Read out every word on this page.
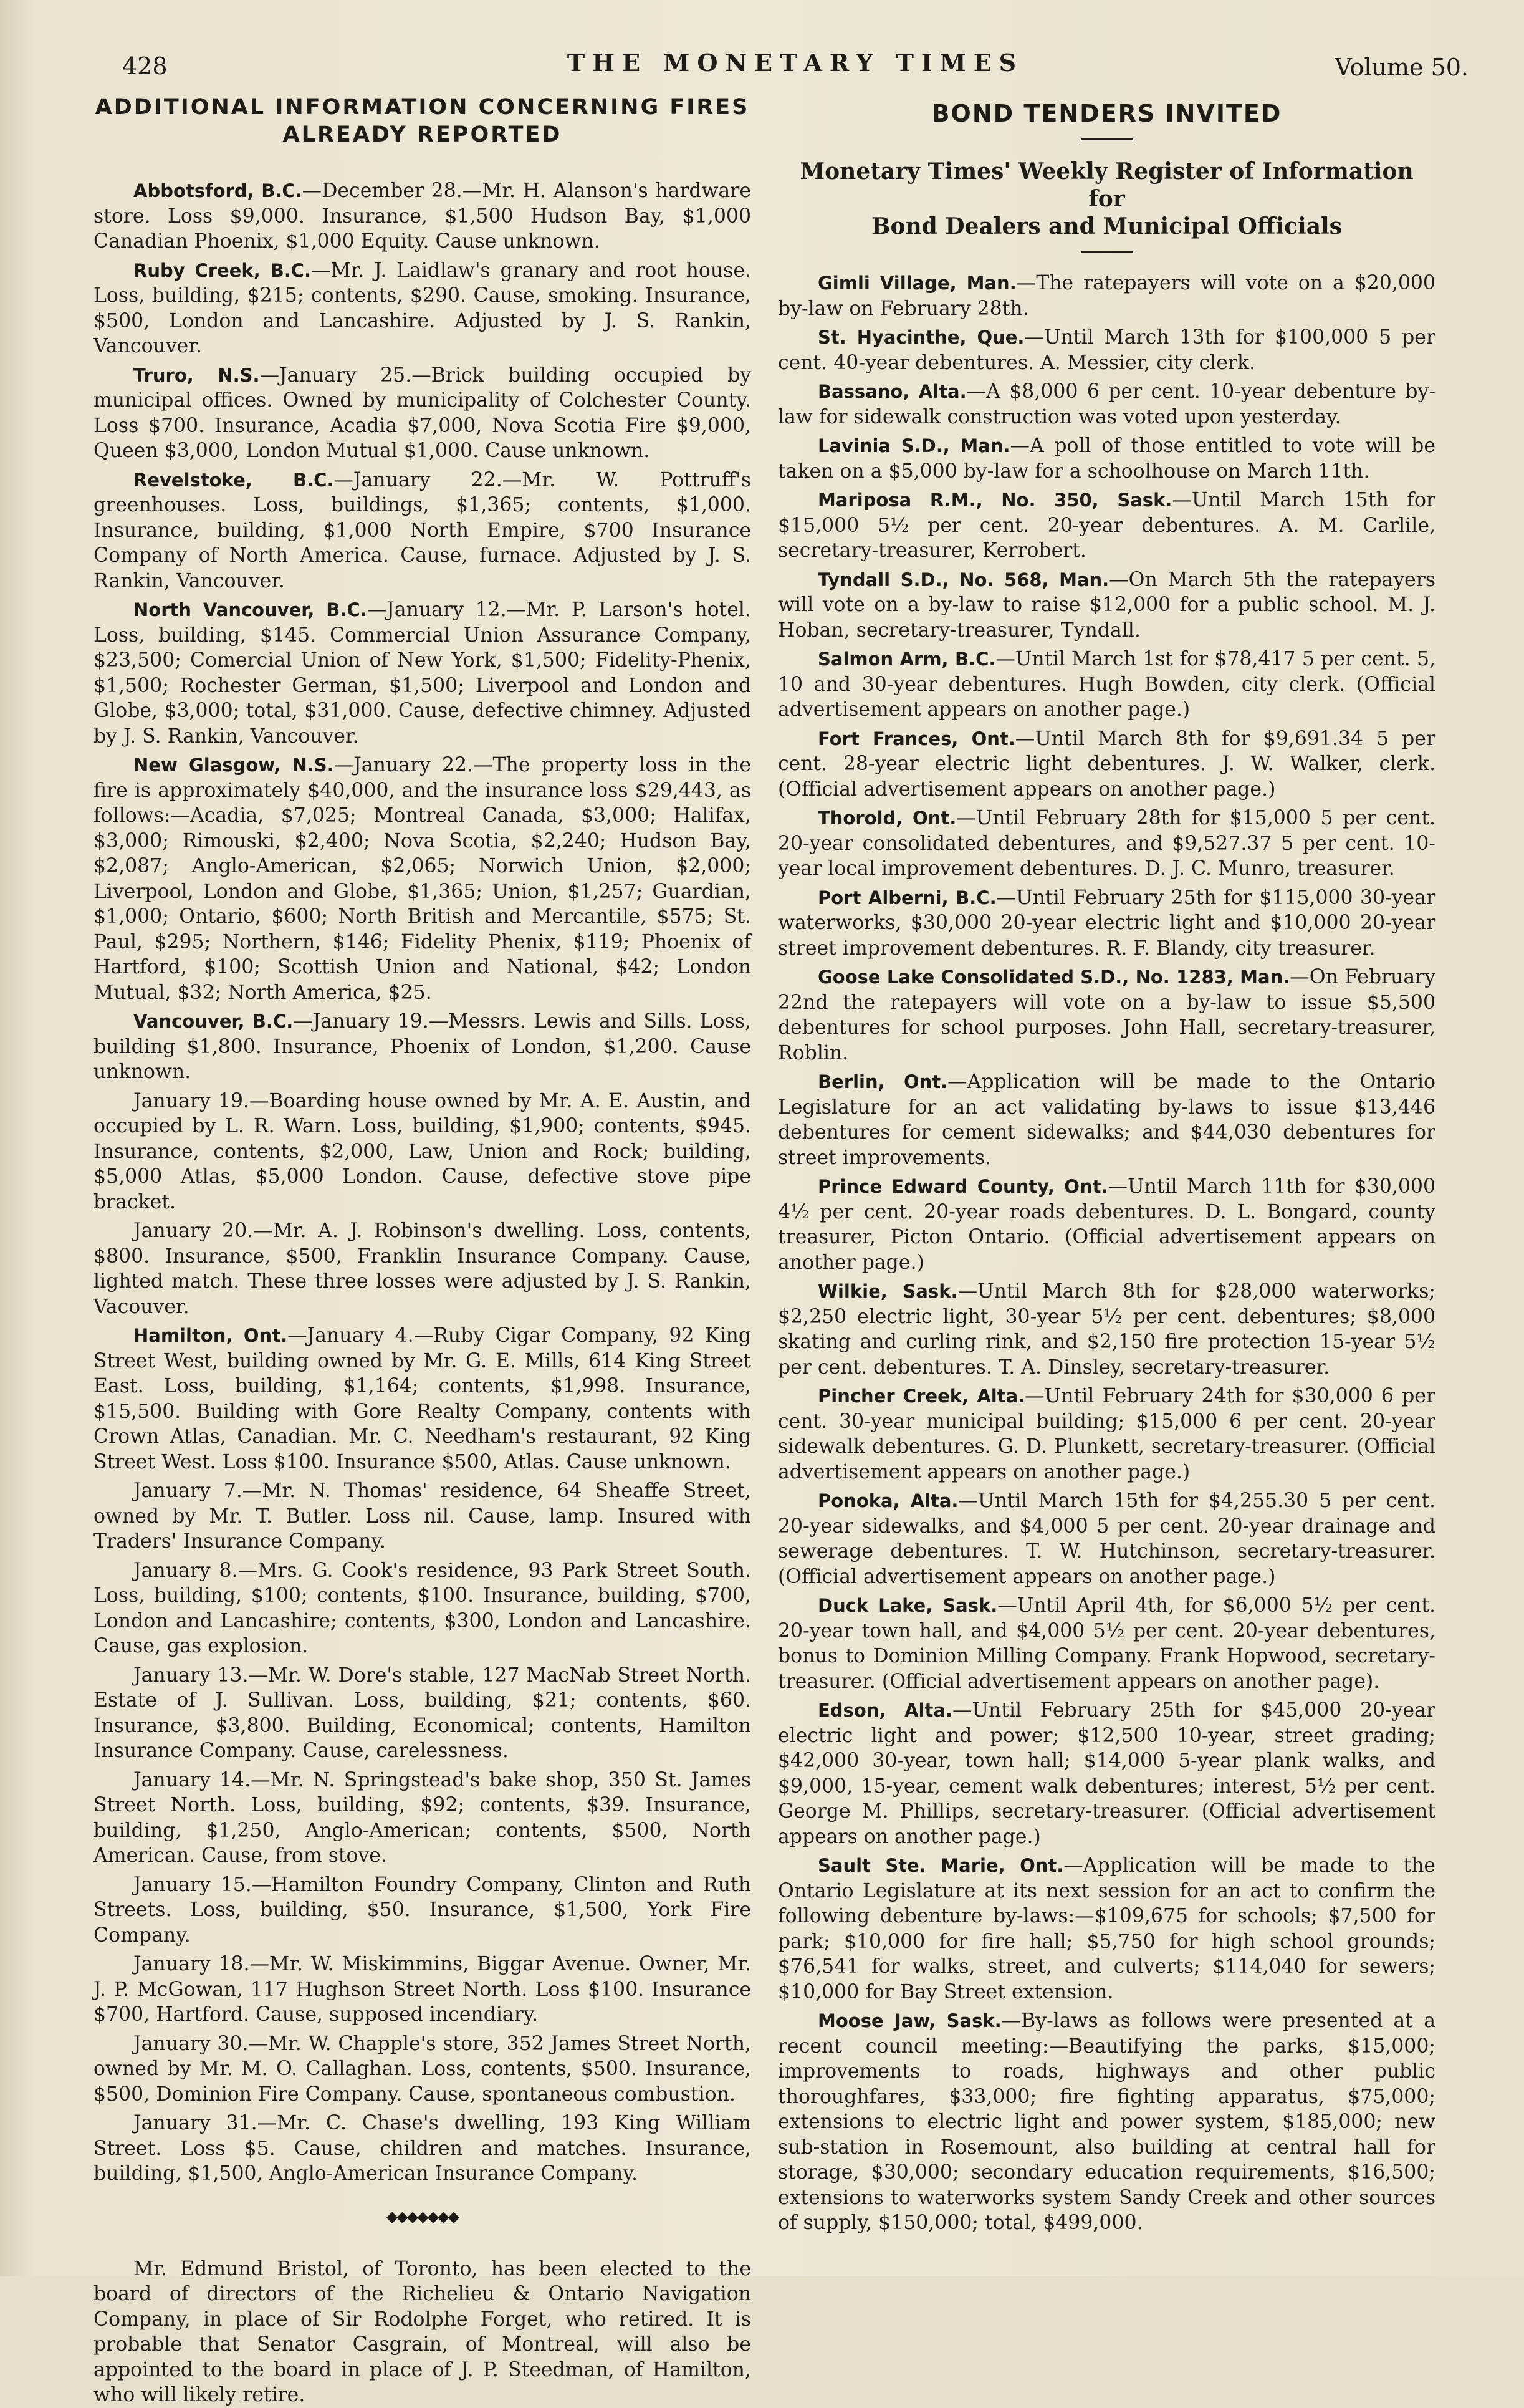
428	THE MONETARY TIMES	Volume 50.

ADDITIONAL INFORMATION CONCERNING FIRES

ALREADY REPORTED

Abbotsford, B.C.—December 28.—Mr. H. Alanson's hardware store. Loss $9,000. Insurance, $1,500 Hudson Bay, $1,000 Canadian Phoenix, $1,000 Equity. Cause unknown.

Ruby Creek, B.C.—Mr. J. Laidlaw's granary and root house. Loss, building, $215; contents, $290. Cause, smoking. Insurance, $500, London and Lancashire. Adjusted by J. S. Rankin, Vancouver.

Truro, N.S.—January 25.—Brick building occupied by municipal offices. Owned by municipality of Colchester County. Loss $700. Insurance, Acadia $7,000, Nova Scotia Fire $9,000, Queen $3,000, London Mutual $1,000. Cause unknown.

Revelstoke, B.C.—January 22.—Mr. W. Pottruff's greenhouses. Loss, buildings, $1,365; contents, $1,000. Insurance, building, $1,000 North Empire, $700 Insurance Company of North America. Cause, furnace. Adjusted by J. S. Rankin, Vancouver.

North Vancouver, B.C.—January 12.—Mr. P. Larson's hotel. Loss, building, $145. Commercial Union Assurance Company, $23,500; Comercial Union of New York, $1,500; Fidelity-Phenix, $1,500; Rochester German, $1,500; Liverpool and London and Globe, $3,000; total, $31,000. Cause, defective chimney. Adjusted by J. S. Rankin, Vancouver.

New Glasgow, N.S.—January 22.—The property loss in the fire is approximately $40,000, and the insurance loss $29,443, as follows:—Acadia, $7,025; Montreal Canada, $3,000; Halifax, $3,000; Rimouski, $2,400; Nova Scotia, $2,240; Hudson Bay, $2,087; Anglo-American, $2,065; Norwich Union, $2,000; Liverpool, London and Globe, $1,365; Union, $1,257; Guardian, $1,000; Ontario, $600; North British and Mercantile, $575; St. Paul, $295; Northern, $146; Fidelity Phenix, $119; Phoenix of Hartford, $100; Scottish Union and National, $42; London Mutual, $32; North America, $25.

Vancouver, B.C.—January 19.—Messrs. Lewis and Sills. Loss, building $1,800. Insurance, Phoenix of London, $1,200. Cause unknown.

January 19.—Boarding house owned by Mr. A. E. Austin, and occupied by L. R. Warn. Loss, building, $1,900; contents, $945. Insurance, contents, $2,000, Law, Union and Rock; building, $5,000 Atlas, $5,000 London. Cause, defective stove pipe bracket.

January 20.—Mr. A. J. Robinson's dwelling. Loss, contents, $800. Insurance, $500, Franklin Insurance Company. Cause, lighted match. These three losses were adjusted by J. S. Rankin, Vacouver.

Hamilton, Ont.—January 4.—Ruby Cigar Company, 92 King Street West, building owned by Mr. G. E. Mills, 614 King Street East. Loss, building, $1,164; contents, $1,998. Insurance, $15,500. Building with Gore Realty Company, contents with Crown Atlas, Canadian. Mr. C. Needham's restaurant, 92 King Street West. Loss $100. Insurance $500, Atlas. Cause unknown.

January 7.—Mr. N. Thomas' residence, 64 Sheaffe Street, owned by Mr. T. Butler. Loss nil. Cause, lamp. Insured with Traders' Insurance Company.

January 8.—Mrs. G. Cook's residence, 93 Park Street South. Loss, building, $100; contents, $100. Insurance, building, $700, London and Lancashire; contents, $300, London and Lancashire. Cause, gas explosion.

January 13.—Mr. W. Dore's stable, 127 MacNab Street North. Estate of J. Sullivan. Loss, building, $21; contents, $60. Insurance, $3,800. Building, Economical; contents, Hamilton Insurance Company. Cause, carelessness.

January 14.—Mr. N. Springstead's bake shop, 350 St. James Street North. Loss, building, $92; contents, $39. Insurance, building, $1,250, Anglo-American; contents, $500, North American. Cause, from stove.

January 15.—Hamilton Foundry Company, Clinton and Ruth Streets. Loss, building, $50. Insurance, $1,500, York Fire Company.

January 18.—Mr. W. Miskimmins, Biggar Avenue. Owner, Mr. J. P. McGowan, 117 Hughson Street North. Loss $100. Insurance $700, Hartford. Cause, supposed incendiary.

January 30.—Mr. W. Chapple's store, 352 James Street North, owned by Mr. M. O. Callaghan. Loss, contents, $500. Insurance, $500, Dominion Fire Company. Cause, spontaneous combustion.

January 31.—Mr. C. Chase's dwelling, 193 King William Street. Loss $5. Cause, children and matches. Insurance, building, $1,500, Anglo-American Insurance Company.

◆◆◆◆◆◆◆

Mr. Edmund Bristol, of Toronto, has been elected to the board of directors of the Richelieu & Ontario Navigation Company, in place of Sir Rodolphe Forget, who retired. It is probable that Senator Casgrain, of Montreal, will also be appointed to the board in place of J. P. Steedman, of Hamilton, who will likely retire.

BOND TENDERS INVITED

Monetary Times' Weekly Register of Information for

Bond Dealers and Municipal Officials

Gimli Village, Man.—The ratepayers will vote on a $20,000 by-law on February 28th.

St. Hyacinthe, Que.—Until March 13th for $100,000 5 per cent. 40-year debentures. A. Messier, city clerk.

Bassano, Alta.—A $8,000 6 per cent. 10-year debenture by-law for sidewalk construction was voted upon yesterday.

Lavinia S.D., Man.—A poll of those entitled to vote will be taken on a $5,000 by-law for a schoolhouse on March 11th.

Mariposa R.M., No. 350, Sask.—Until March 15th for $15,000 5½ per cent. 20-year debentures. A. M. Carlile, secretary-treasurer, Kerrobert.

Tyndall S.D., No. 568, Man.—On March 5th the ratepayers will vote on a by-law to raise $12,000 for a public school. M. J. Hoban, secretary-treasurer, Tyndall.

Salmon Arm, B.C.—Until March 1st for $78,417 5 per cent. 5, 10 and 30-year debentures. Hugh Bowden, city clerk. (Official advertisement appears on another page.)

Fort Frances, Ont.—Until March 8th for $9,691.34 5 per cent. 28-year electric light debentures. J. W. Walker, clerk. (Official advertisement appears on another page.)

Thorold, Ont.—Until February 28th for $15,000 5 per cent. 20-year consolidated debentures, and $9,527.37 5 per cent. 10-year local improvement debentures. D. J. C. Munro, treasurer.

Port Alberni, B.C.—Until February 25th for $115,000 30-year waterworks, $30,000 20-year electric light and $10,000 20-year street improvement debentures. R. F. Blandy, city treasurer.

Goose Lake Consolidated S.D., No. 1283, Man.—On February 22nd the ratepayers will vote on a by-law to issue $5,500 debentures for school purposes. John Hall, secretary-treasurer, Roblin.

Berlin, Ont.—Application will be made to the Ontario Legislature for an act validating by-laws to issue $13,446 debentures for cement sidewalks; and $44,030 debentures for street improvements.

Prince Edward County, Ont.—Until March 11th for $30,000 4½ per cent. 20-year roads debentures. D. L. Bongard, county treasurer, Picton Ontario. (Official advertisement appears on another page.)

Wilkie, Sask.—Until March 8th for $28,000 waterworks; $2,250 electric light, 30-year 5½ per cent. debentures; $8,000 skating and curling rink, and $2,150 fire protection 15-year 5½ per cent. debentures. T. A. Dinsley, secretary-treasurer.

Pincher Creek, Alta.—Until February 24th for $30,000 6 per cent. 30-year municipal building; $15,000 6 per cent. 20-year sidewalk debentures. G. D. Plunkett, secretary-treasurer. (Official advertisement appears on another page.)

Ponoka, Alta.—Until March 15th for $4,255.30 5 per cent. 20-year sidewalks, and $4,000 5 per cent. 20-year drainage and sewerage debentures. T. W. Hutchinson, secretary-treasurer. (Official advertisement appears on another page.)

Duck Lake, Sask.—Until April 4th, for $6,000 5½ per cent. 20-year town hall, and $4,000 5½ per cent. 20-year debentures, bonus to Dominion Milling Company. Frank Hopwood, secretary-treasurer. (Official advertisement appears on another page).

Edson, Alta.—Until February 25th for $45,000 20-year electric light and power; $12,500 10-year, street grading; $42,000 30-year, town hall; $14,000 5-year plank walks, and $9,000, 15-year, cement walk debentures; interest, 5½ per cent. George M. Phillips, secretary-treasurer. (Official advertisement appears on another page.)

Sault Ste. Marie, Ont.—Application will be made to the Ontario Legislature at its next session for an act to confirm the following debenture by-laws:—$109,675 for schools; $7,500 for park; $10,000 for fire hall; $5,750 for high school grounds; $76,541 for walks, street, and culverts; $114,040 for sewers; $10,000 for Bay Street extension.

Moose Jaw, Sask.—By-laws as follows were presented at a recent council meeting:—Beautifying the parks, $15,000; improvements to roads, highways and other public thoroughfares, $33,000; fire fighting apparatus, $75,000; extensions to electric light and power system, $185,000; new sub-station in Rosemount, also building at central hall for storage, $30,000; secondary education requirements, $16,500; extensions to waterworks system Sandy Creek and other sources of supply, $150,000; total, $499,000.
